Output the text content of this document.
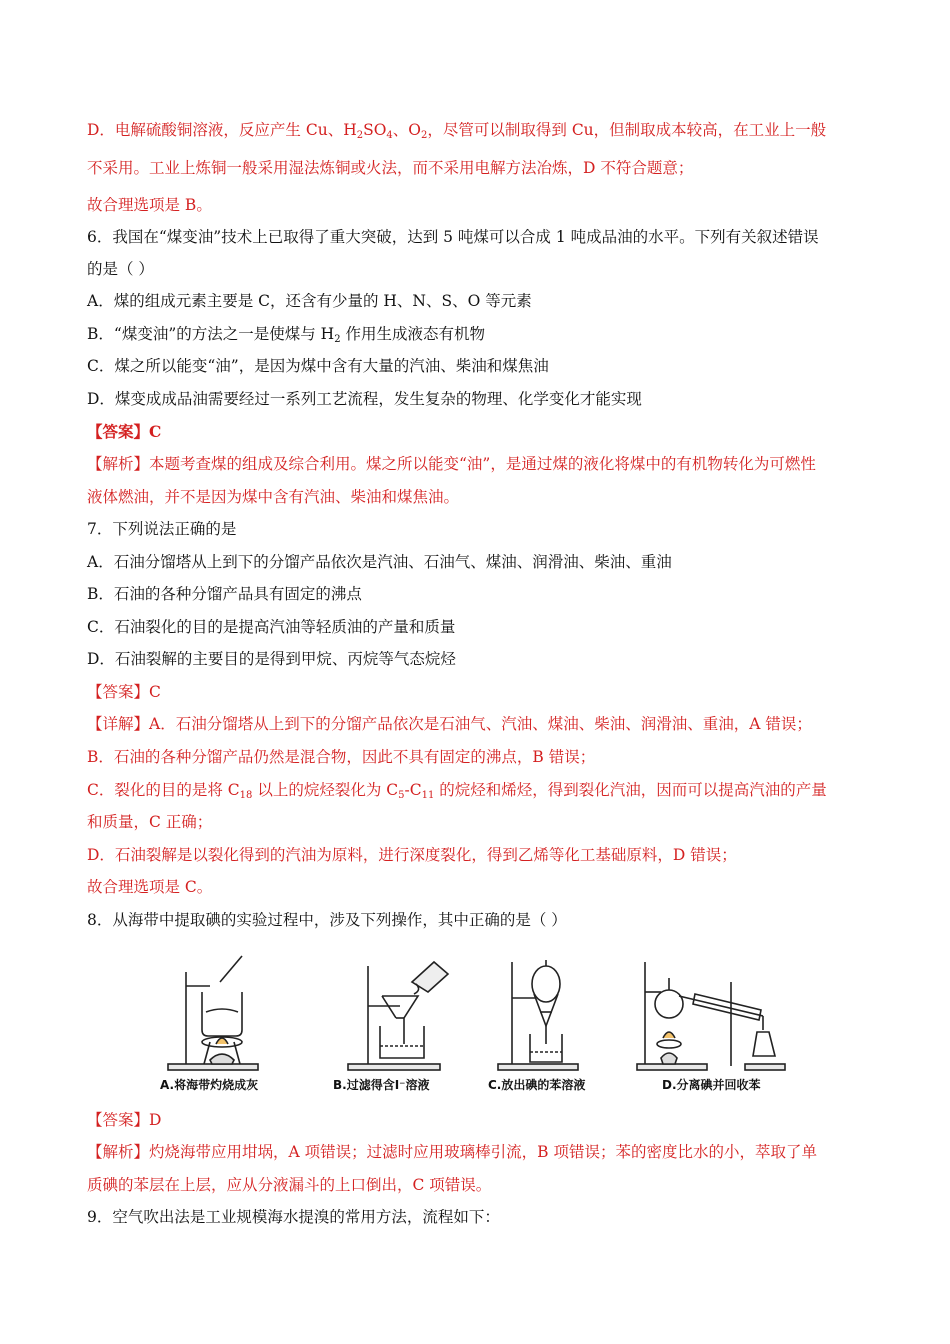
A.将海带灼烧成灰	B.过滤得含I⁻溶液	C.放出碘的苯溶液	D.分离碘并回收苯
D．电解硫酸铜溶液，反应产生 Cu、$H_2SO_4$、$O_2$，尽管可以制取得到 Cu，但制取成本较高，在工业上一般
不采用。工业上炼铜一般采用湿法炼铜或火法，而不采用电解方法冶炼，D 不符合题意；
故合理选项是 B。
6．我国在“煤变油”技术上已取得了重大突破，达到 5 吨煤可以合成 1 吨成品油的水平。下列有关叙述错误
的是（ ）
A．煤的组成元素主要是 C，还含有少量的 H、N、S、O 等元素
B．“煤变油”的方法之一是使煤与 $H_2$ 作用生成液态有机物
C．煤之所以能变“油”，是因为煤中含有大量的汽油、柴油和煤焦油
D．煤变成成品油需要经过一系列工艺流程，发生复杂的物理、化学变化才能实现
【答案】C
【解析】本题考查煤的组成及综合利用。煤之所以能变“油”，是通过煤的液化将煤中的有机物转化为可燃性
液体燃油，并不是因为煤中含有汽油、柴油和煤焦油。
7．下列说法正确的是
A．石油分馏塔从上到下的分馏产品依次是汽油、石油气、煤油、润滑油、柴油、重油
B．石油的各种分馏产品具有固定的沸点
C．石油裂化的目的是提高汽油等轻质油的产量和质量
D．石油裂解的主要目的是得到甲烷、丙烷等气态烷烃
【答案】C
【详解】A．石油分馏塔从上到下的分馏产品依次是石油气、汽油、煤油、柴油、润滑油、重油，A 错误；
B．石油的各种分馏产品仍然是混合物，因此不具有固定的沸点，B 错误；
C．裂化的目的是将 $C_{18}$ 以上的烷烃裂化为 $C_5-C_{11}$ 的烷烃和烯烃，得到裂化汽油，因而可以提高汽油的产量
和质量，C 正确；
D．石油裂解是以裂化得到的汽油为原料，进行深度裂化，得到乙烯等化工基础原料，D 错误；
故合理选项是 C。
8．从海带中提取碘的实验过程中，涉及下列操作，其中正确的是（ ）
【答案】D
【解析】灼烧海带应用坩埚，A 项错误；过滤时应用玻璃棒引流，B 项错误；苯的密度比水的小，萃取了单
质碘的苯层在上层，应从分液漏斗的上口倒出，C 项错误。
9．空气吹出法是工业规模海水提溴的常用方法，流程如下：
